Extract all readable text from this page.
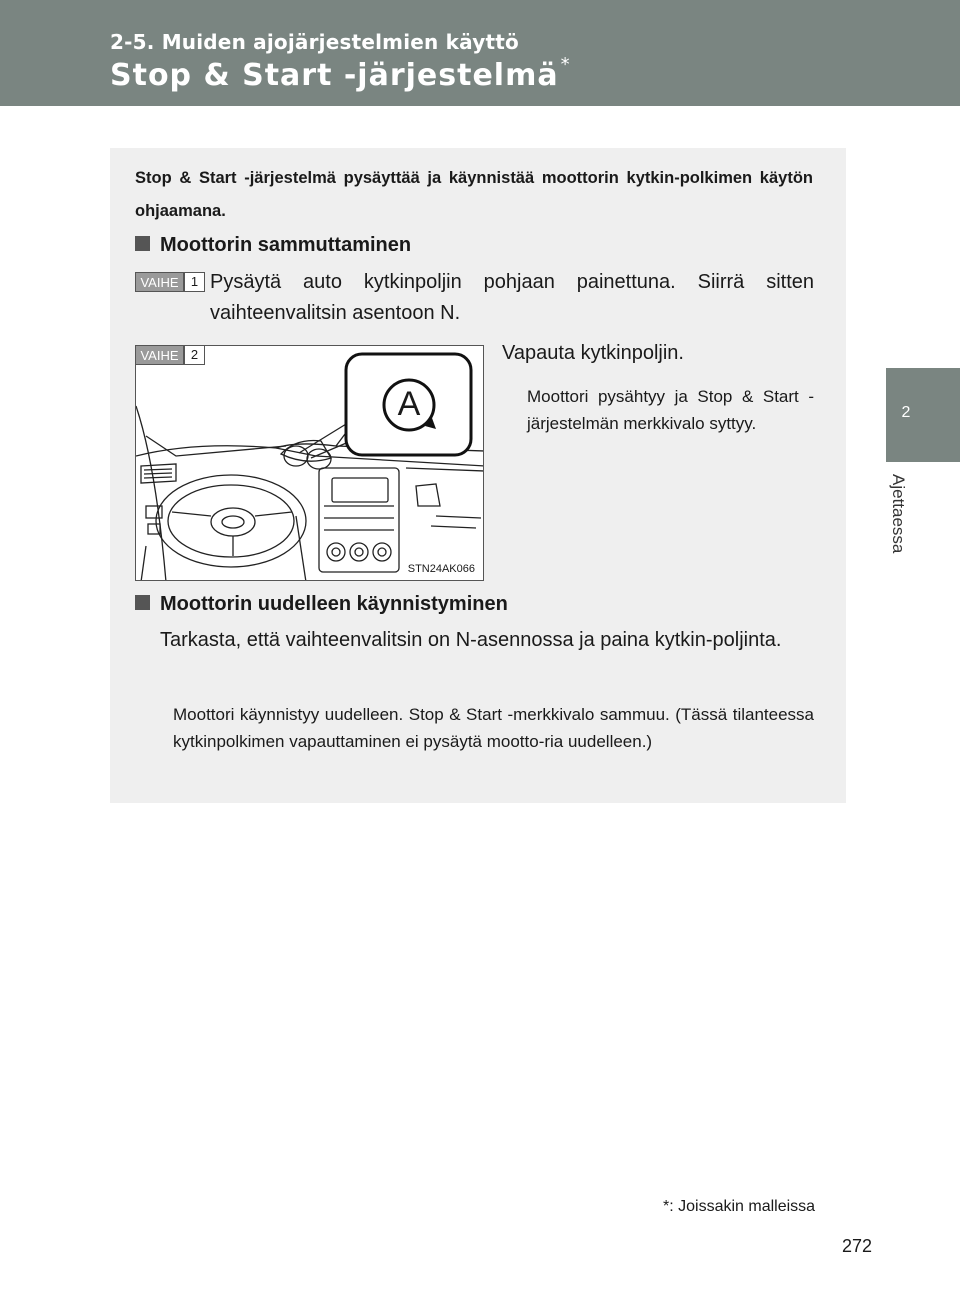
2-5. Muiden ajojärjestelmien käyttö
Stop & Start -järjestelmä *
2
Ajettaessa
Stop & Start -järjestelmä pysäyttää ja käynnistää moottorin kytkin-polkimen käytön ohjaamana.
Moottorin sammuttaminen
VAIHE 1 Pysäytä auto kytkinpoljin pohjaan painettuna. Siirrä sitten vaihteenvalitsin asentoon N.
A
VAIHE 2
STN24AK066
Vapauta kytkinpoljin.
Moottori pysähtyy ja Stop & Start -järjestelmän merkkivalo syttyy.
Moottorin uudelleen käynnistyminen
Tarkasta, että vaihteenvalitsin on N-asennossa ja paina kytkin-poljinta.
Moottori käynnistyy uudelleen. Stop & Start -merkkivalo sammuu. (Tässä tilanteessa kytkinpolkimen vapauttaminen ei pysäytä mootto-ria uudelleen.)
*: Joissakin malleissa
272
